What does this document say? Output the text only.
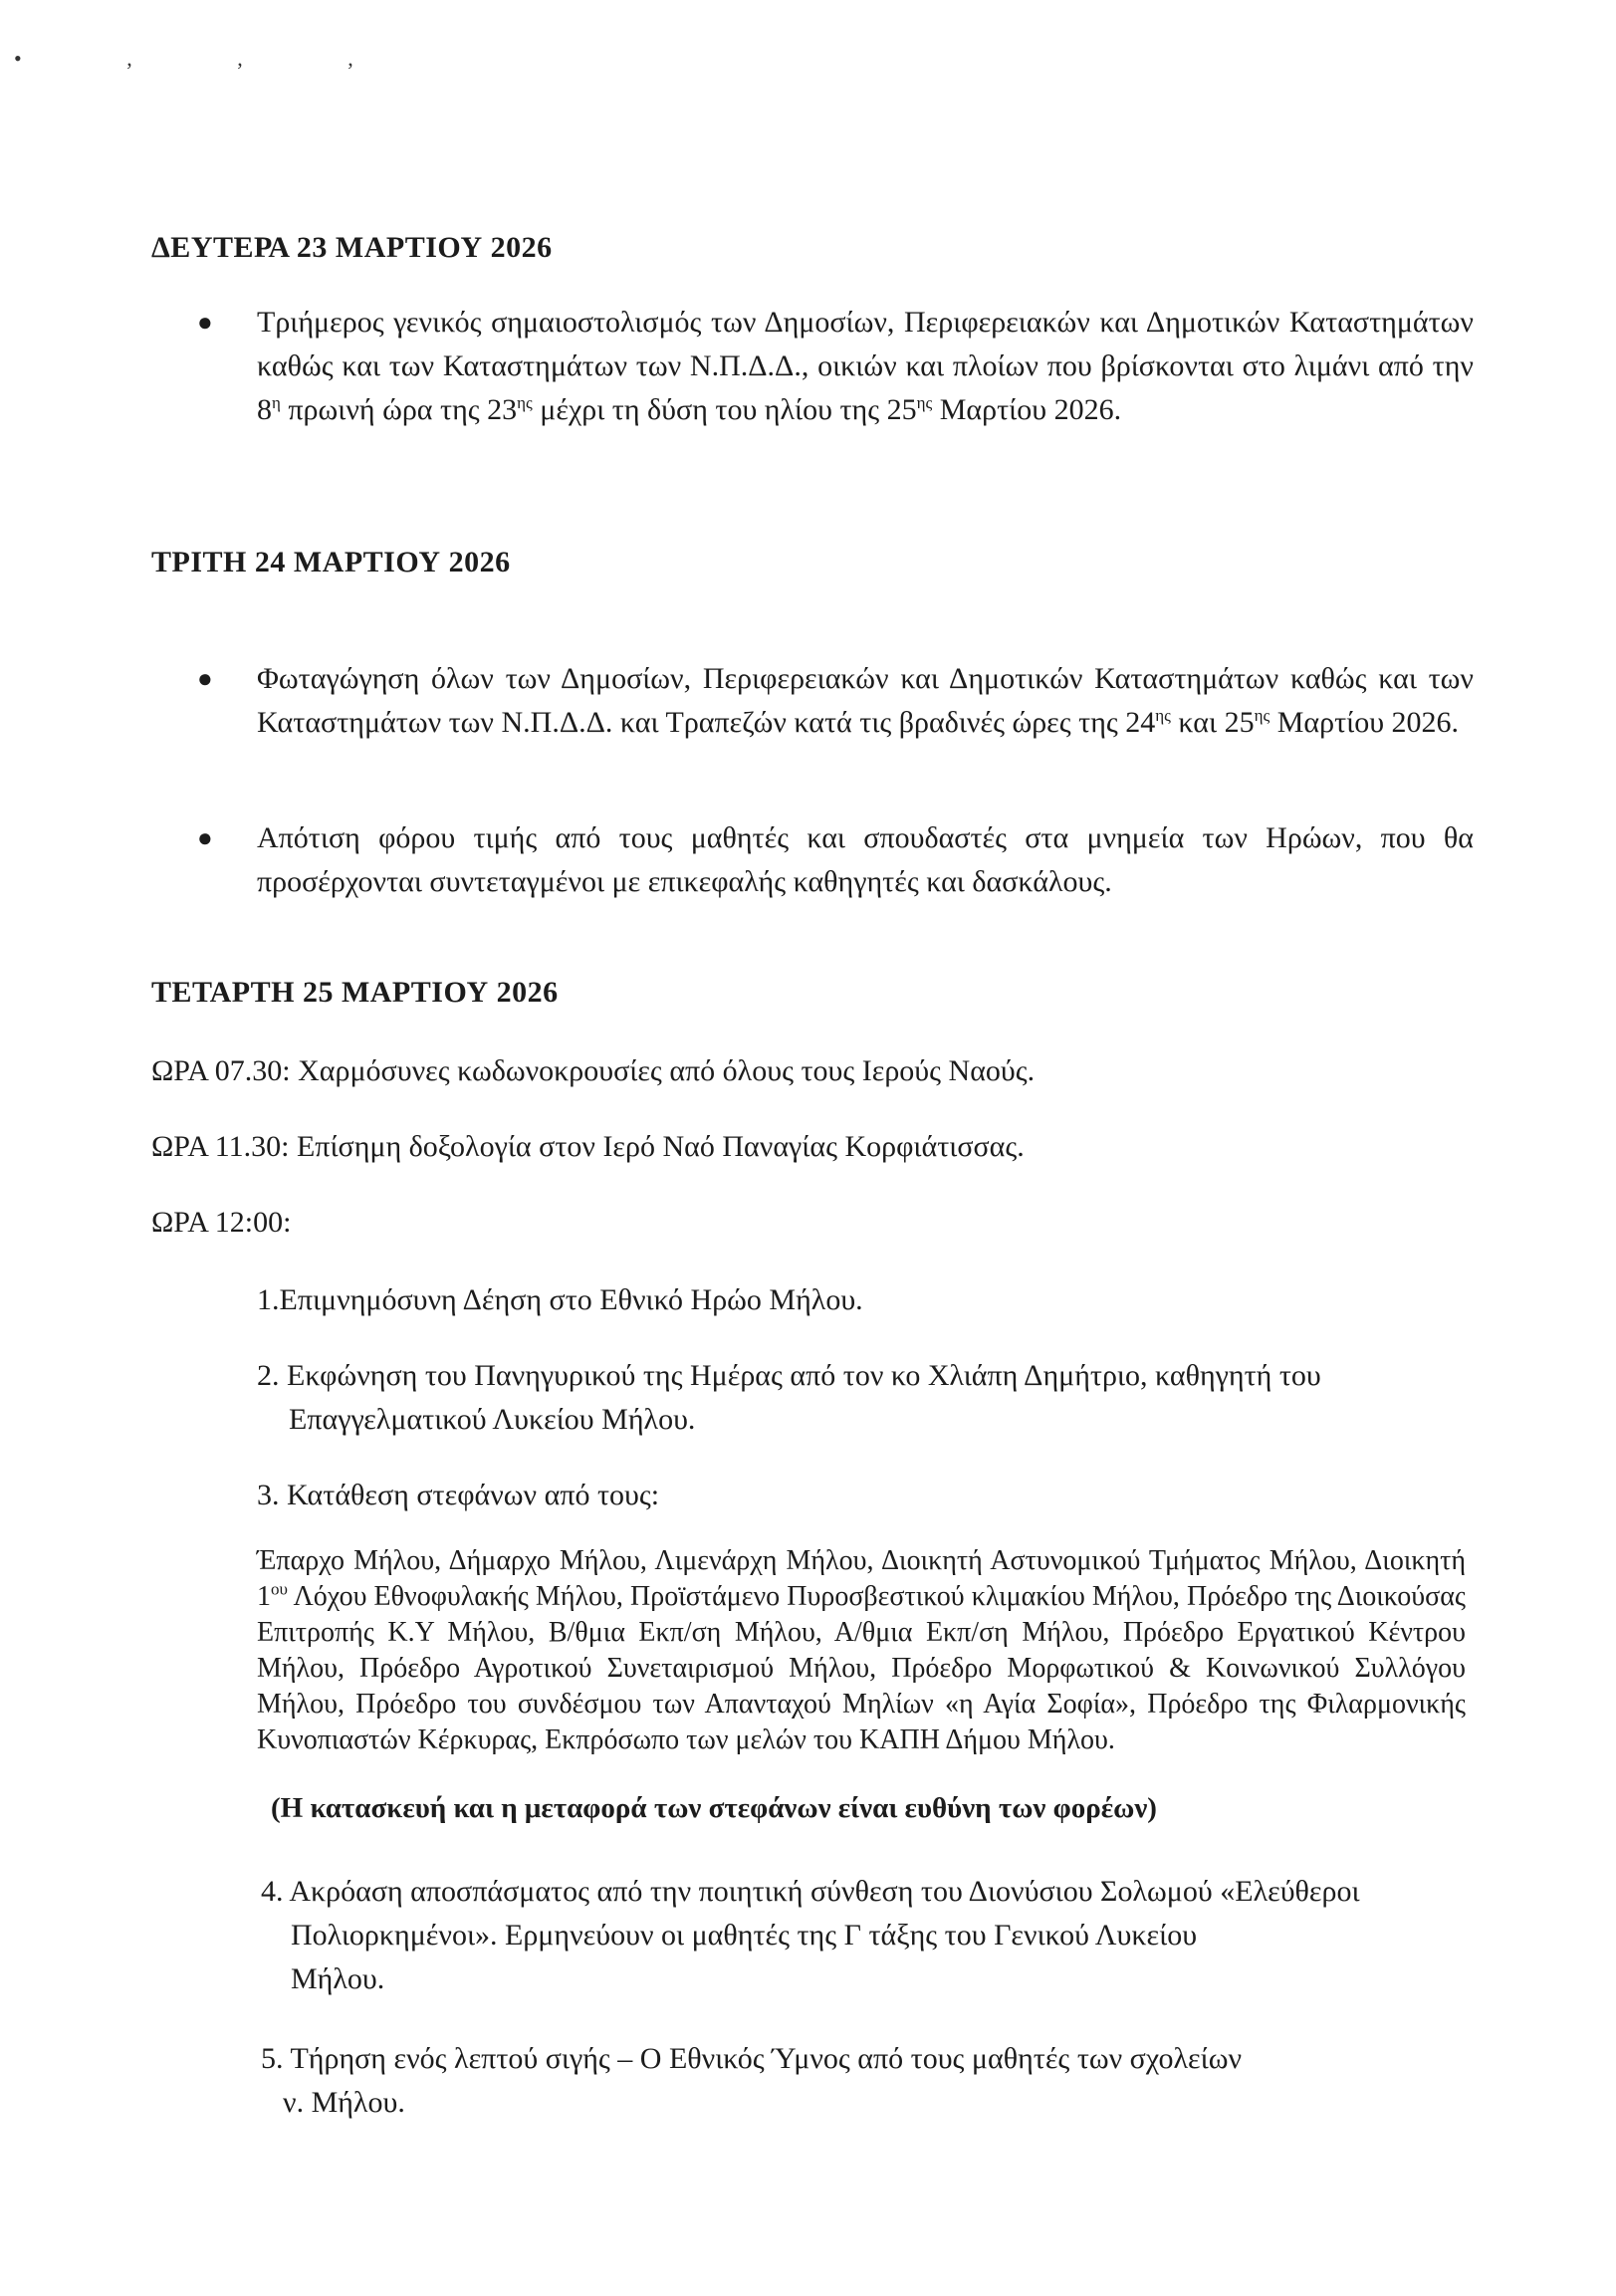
• , , ,
ΔΕΥΤΕΡΑ 23 ΜΑΡΤΙΟΥ 2026
●	Τριήμερος γενικός σημαιοστολισμός των Δημοσίων, Περιφερειακών και Δημοτικών Καταστημάτων καθώς και των Καταστημάτων των Ν.Π.Δ.Δ., οικιών και πλοίων που βρίσκονται στο λιμάνι από την $8^\eta$ πρωινή ώρα της $23^{\eta\varsigma}$ μέχρι τη δύση του ηλίου της $25^{\eta\varsigma}$ Μαρτίου 2026.
ΤΡΙΤΗ 24 ΜΑΡΤΙΟΥ 2026
●	Φωταγώγηση όλων των Δημοσίων, Περιφερειακών και Δημοτικών Καταστημάτων καθώς και των Καταστημάτων των Ν.Π.Δ.Δ. και Τραπεζών κατά τις βραδινές ώρες της $24^{\eta\varsigma}$ και $25^{\eta\varsigma}$ Μαρτίου 2026.
●	Απότιση φόρου τιμής από τους μαθητές και σπουδαστές στα μνημεία των Ηρώων, που θα προσέρχονται συντεταγμένοι με επικεφαλής καθηγητές και δασκάλους.
ΤΕΤΑΡΤΗ 25 ΜΑΡΤΙΟΥ 2026
ΩΡΑ 07.30: Χαρμόσυνες κωδωνοκρουσίες από όλους τους Ιερούς Ναούς.
ΩΡΑ 11.30: Επίσημη δοξολογία στον Ιερό Ναό Παναγίας Κορφιάτισσας.
ΩΡΑ 12:00:
1.Επιμνημόσυνη Δέηση στο Εθνικό Ηρώο Μήλου.
2. Εκφώνηση του Πανηγυρικού της Ημέρας από τον κο Χλιάπη Δημήτριο, καθηγητή του
Επαγγελματικού Λυκείου Μήλου.
3. Κατάθεση στεφάνων από τους:
Έπαρχο Μήλου, Δήμαρχο Μήλου, Λιμενάρχη Μήλου, Διοικητή Αστυνομικού Τμήματος Μήλου, Διοικητή $1^{o\upsilon}$ Λόχου Εθνοφυλακής Μήλου, Προϊστάμενο Πυροσβεστικού κλιμακίου Μήλου, Πρόεδρο της Διοικούσας Επιτροπής Κ.Υ Μήλου, Β/θμια Εκπ/ση Μήλου, Α/θμια Εκπ/ση Μήλου, Πρόεδρο Εργατικού Κέντρου Μήλου, Πρόεδρο Αγροτικού Συνεταιρισμού Μήλου, Πρόεδρο Μορφωτικού & Κοινωνικού Συλλόγου Μήλου, Πρόεδρο του συνδέσμου των Απανταχού Μηλίων «η Αγία Σοφία», Πρόεδρο της Φιλαρμονικής Κυνοπιαστών Κέρκυρας, Εκπρόσωπο των μελών του ΚΑΠΗ Δήμου Μήλου.
(Η κατασκευή και η μεταφορά των στεφάνων είναι ευθύνη των φορέων)
4. Ακρόαση αποσπάσματος από την ποιητική σύνθεση του Διονύσιου Σολωμού «Ελεύθεροι
Πολιορκημένοι». Ερμηνεύουν οι μαθητές της Γ τάξης του Γενικού Λυκείου
Μήλου.
5. Τήρηση ενός λεπτού σιγής – Ο Εθνικός Ύμνος από τους μαθητές των σχολείων
ν. Μήλου.
